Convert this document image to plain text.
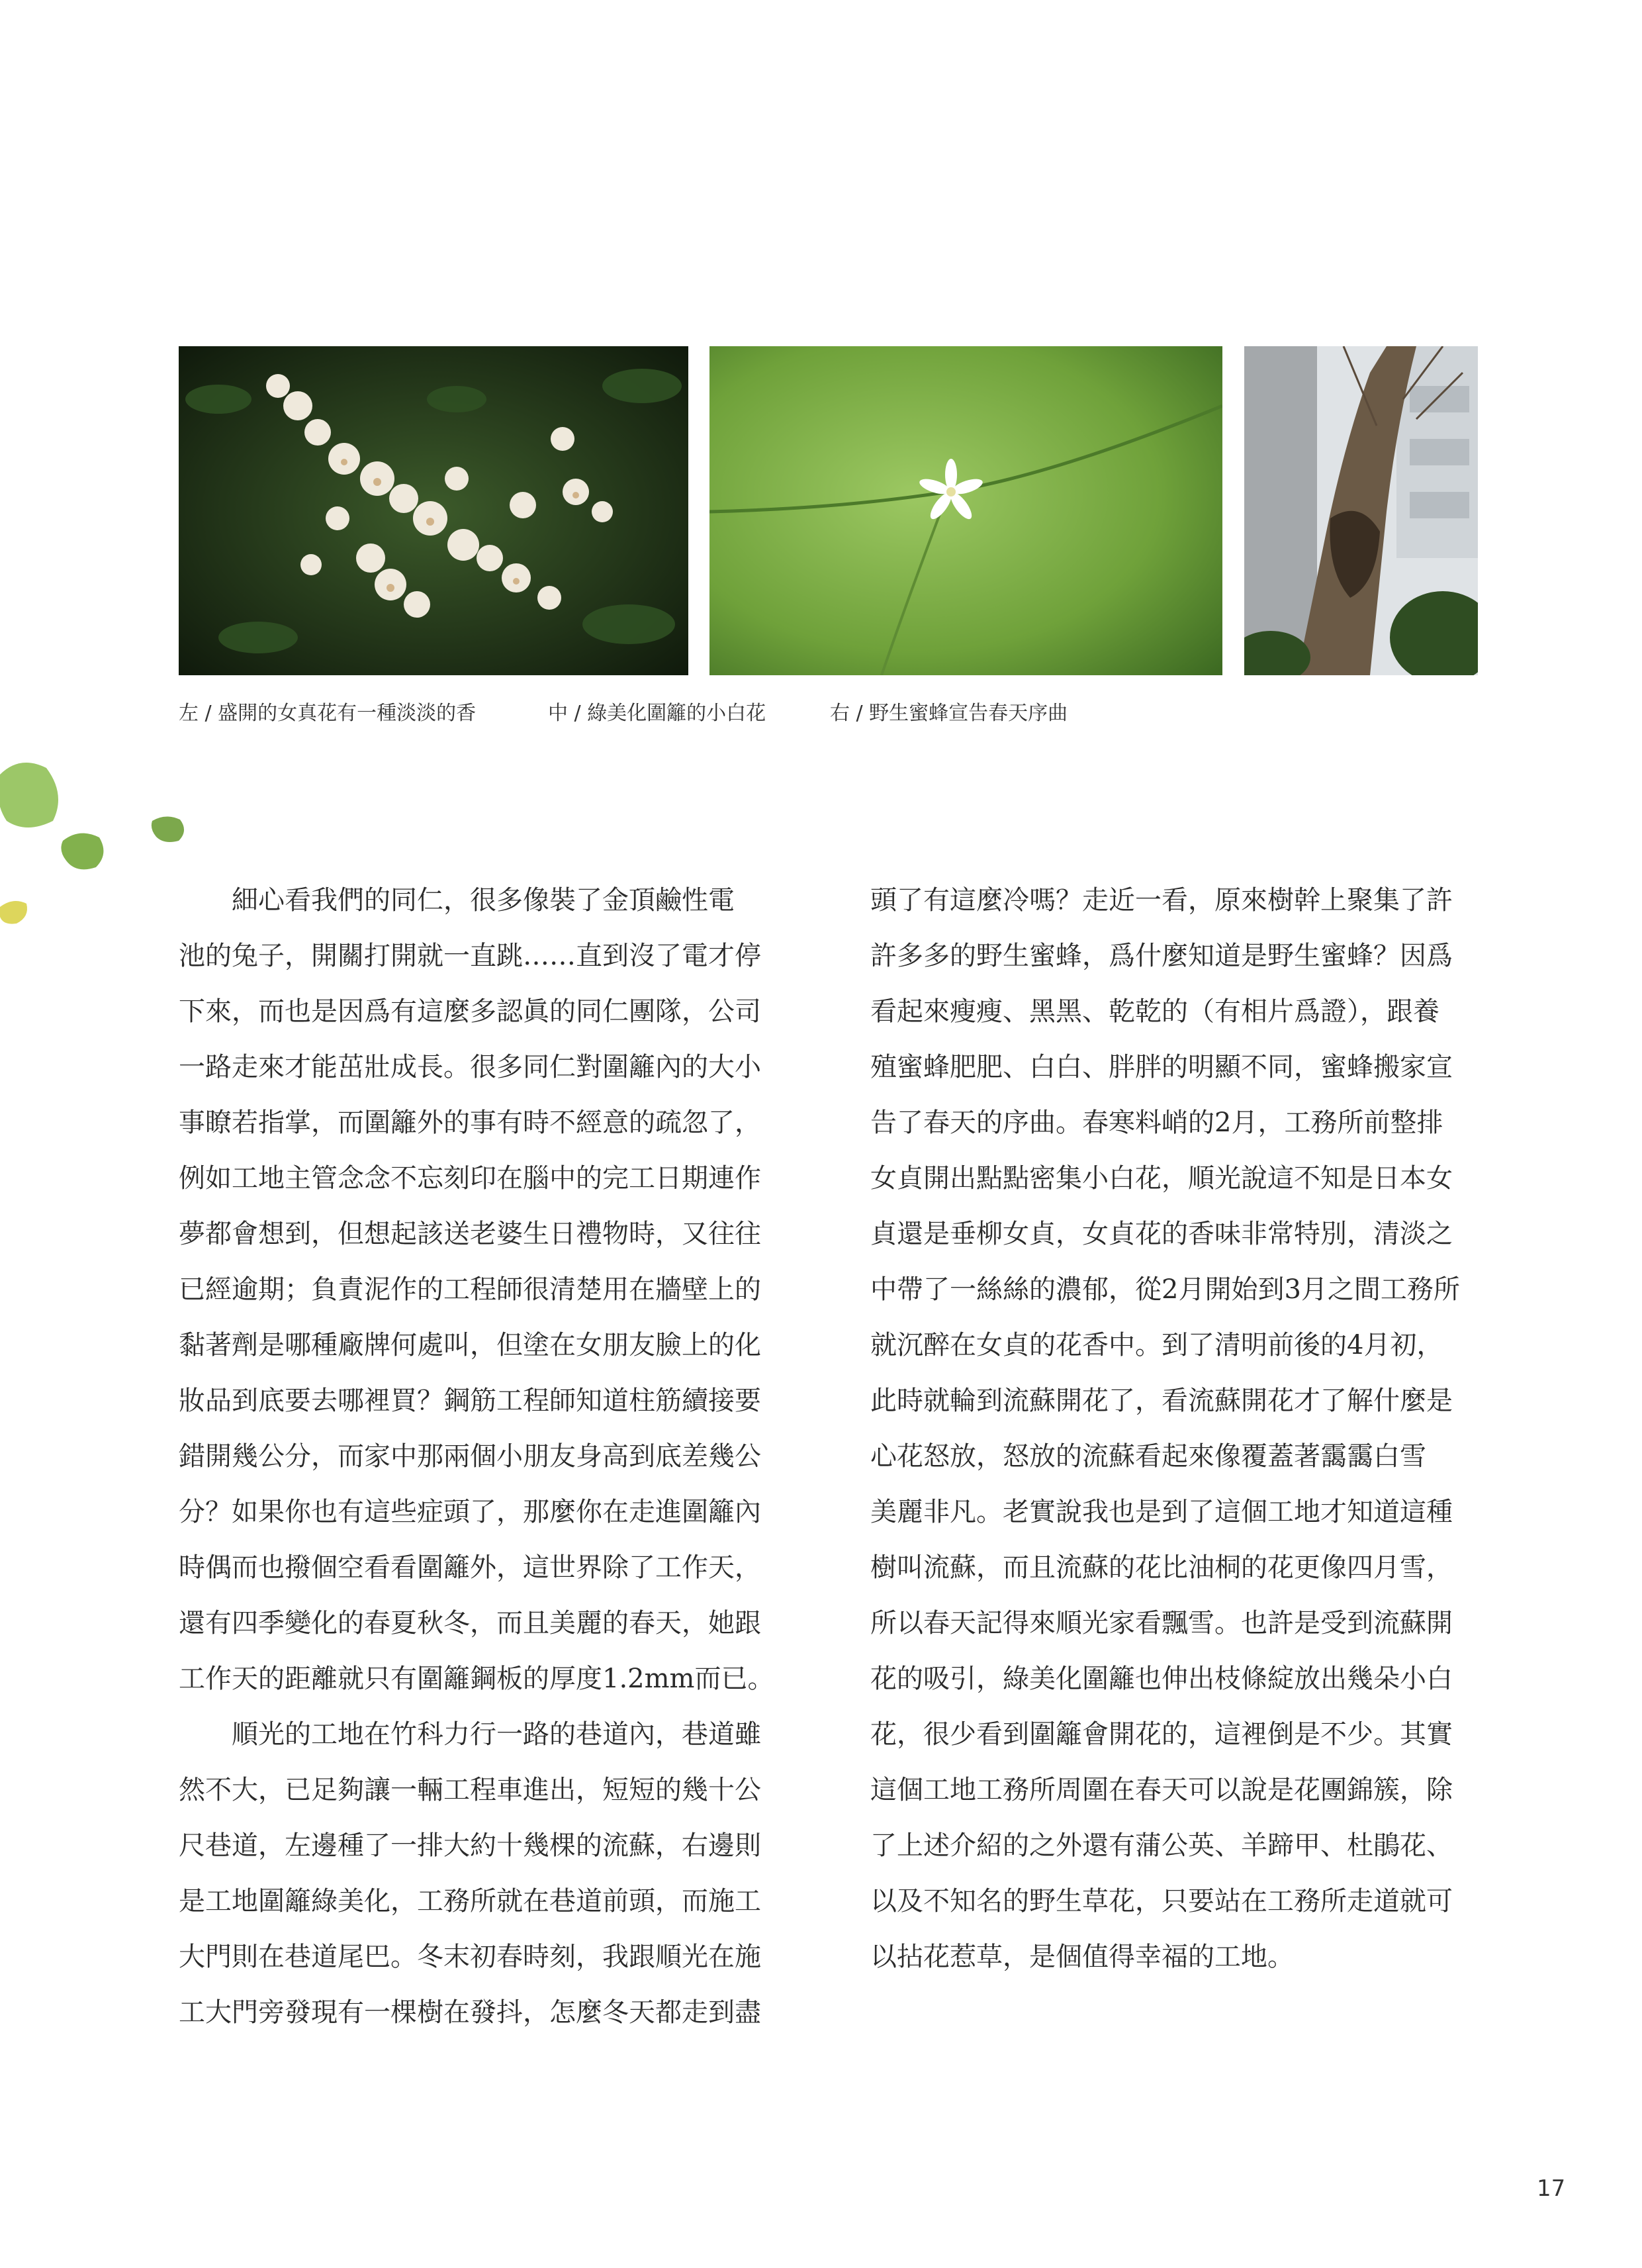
左 / 盛開的女真花有一種淡淡的香	中 / 綠美化圍籬的小白花	右 / 野生蜜蜂宣告春天序曲
　　細心看我們的同仁，很多像裝了金頂鹼性電
池的兔子，開關打開就一直跳……直到沒了電才停
下來，而也是因爲有這麼多認眞的同仁團隊，公司
一路走來才能茁壯成長。很多同仁對圍籬內的大小
事瞭若指掌，而圍籬外的事有時不經意的疏忽了，
例如工地主管念念不忘刻印在腦中的完工日期連作
夢都會想到，但想起該送老婆生日禮物時，又往往
已經逾期；負責泥作的工程師很清楚用在牆壁上的
黏著劑是哪種廠牌何處叫，但塗在女朋友臉上的化
妝品到底要去哪裡買？鋼筋工程師知道柱筋續接要
錯開幾公分，而家中那兩個小朋友身高到底差幾公
分？如果你也有這些症頭了，那麼你在走進圍籬內
時偶而也撥個空看看圍籬外，這世界除了工作天，
還有四季變化的春夏秋冬，而且美麗的春天，她跟
工作天的距離就只有圍籬鋼板的厚度1.2mm而已。
　　順光的工地在竹科力行一路的巷道內，巷道雖
然不大，已足夠讓一輛工程車進出，短短的幾十公
尺巷道，左邊種了一排大約十幾棵的流蘇，右邊則
是工地圍籬綠美化，工務所就在巷道前頭，而施工
大門則在巷道尾巴。冬末初春時刻，我跟順光在施
工大門旁發現有一棵樹在發抖，怎麼冬天都走到盡
頭了有這麼冷嗎？走近一看，原來樹幹上聚集了許
許多多的野生蜜蜂，爲什麼知道是野生蜜蜂？因爲
看起來瘦瘦、黑黑、乾乾的（有相片爲證），跟養
殖蜜蜂肥肥、白白、胖胖的明顯不同，蜜蜂搬家宣
告了春天的序曲。春寒料峭的2月，工務所前整排
女貞開出點點密集小白花，順光說這不知是日本女
貞還是垂柳女貞，女貞花的香味非常特別，清淡之
中帶了一絲絲的濃郁，從2月開始到3月之間工務所
就沉醉在女貞的花香中。到了清明前後的4月初，
此時就輪到流蘇開花了，看流蘇開花才了解什麼是
心花怒放，怒放的流蘇看起來像覆蓋著靄靄白雪
美麗非凡。老實說我也是到了這個工地才知道這種
樹叫流蘇，而且流蘇的花比油桐的花更像四月雪，
所以春天記得來順光家看飄雪。也許是受到流蘇開
花的吸引，綠美化圍籬也伸出枝條綻放出幾朵小白
花，很少看到圍籬會開花的，這裡倒是不少。其實
這個工地工務所周圍在春天可以說是花團錦簇，除
了上述介紹的之外還有蒲公英、羊蹄甲、杜鵑花、
以及不知名的野生草花，只要站在工務所走道就可
以拈花惹草，是個值得幸福的工地。
17
